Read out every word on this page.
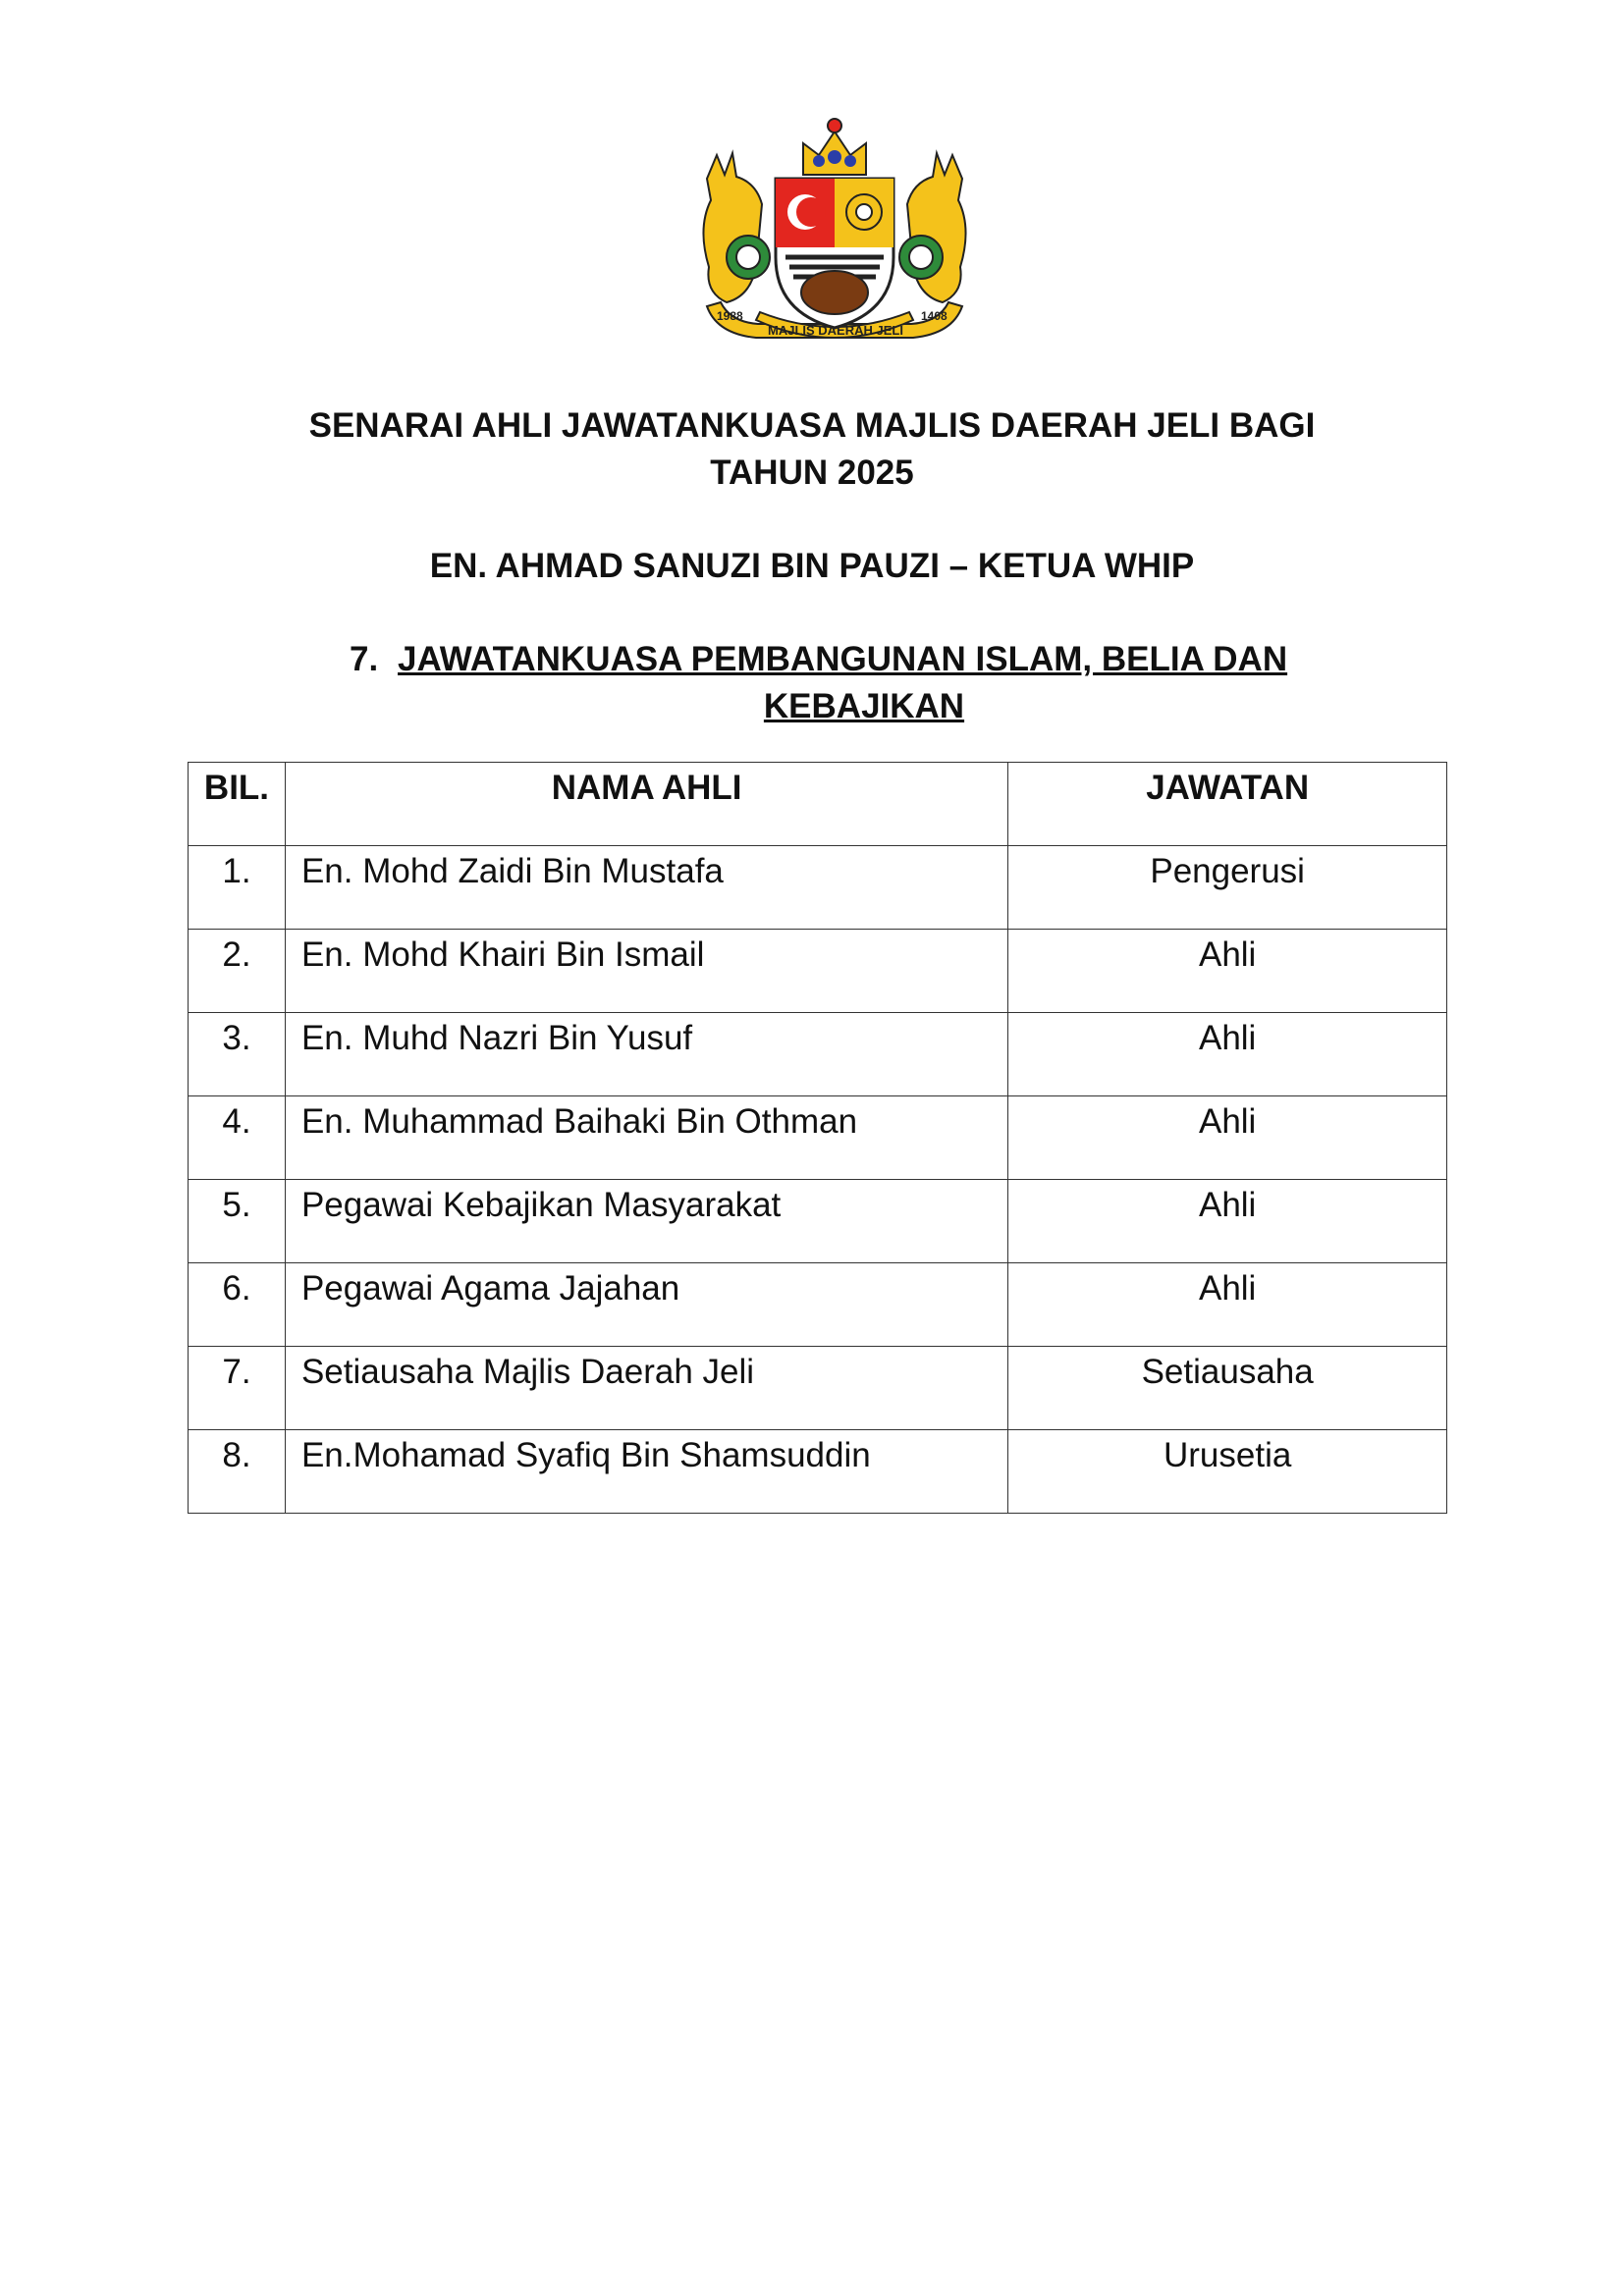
MAJLIS DAERAH JELI
1988	1408
SENARAI AHLI JAWATANKUASA MAJLIS DAERAH JELI BAGI
TAHUN 2025
EN. AHMAD SANUZI BIN PAUZI – KETUA WHIP
7. JAWATANKUASA PEMBANGUNAN ISLAM, BELIA DAN
KEBAJIKAN
BIL.	NAMA AHLI	JAWATAN
1.	En. Mohd Zaidi Bin Mustafa	Pengerusi
2.	En. Mohd Khairi Bin Ismail	Ahli
3.	En. Muhd Nazri Bin Yusuf	Ahli
4.	En. Muhammad Baihaki Bin Othman	Ahli
5.	Pegawai Kebajikan Masyarakat	Ahli
6.	Pegawai Agama Jajahan	Ahli
7.	Setiausaha Majlis Daerah Jeli	Setiausaha
8.	En.Mohamad Syafiq Bin Shamsuddin	Urusetia
